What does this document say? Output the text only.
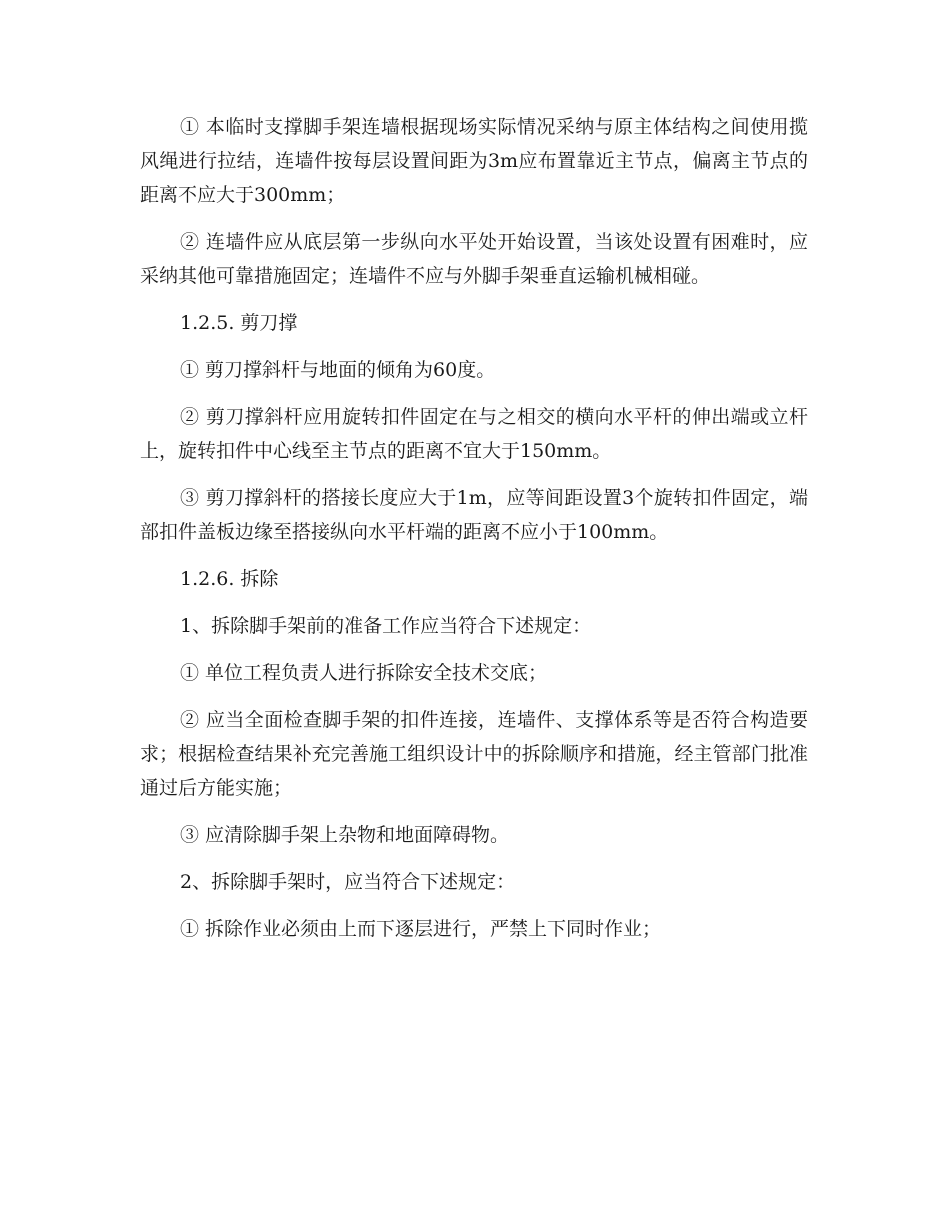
① 本临时支撑脚手架连墙根据现场实际情况采纳与原主体结构之间使用揽风绳进行拉结，连墙件按每层设置间距为3m应布置靠近主节点，偏离主节点的距离不应大于300mm；

② 连墙件应从底层第一步纵向水平处开始设置，当该处设置有困难时，应采纳其他可靠措施固定；连墙件不应与外脚手架垂直运输机械相碰。

1.2.5. 剪刀撑

① 剪刀撑斜杆与地面的倾角为60度。

② 剪刀撑斜杆应用旋转扣件固定在与之相交的横向水平杆的伸出端或立杆上，旋转扣件中心线至主节点的距离不宜大于150mm。

③ 剪刀撑斜杆的搭接长度应大于1m，应等间距设置3个旋转扣件固定，端部扣件盖板边缘至搭接纵向水平杆端的距离不应小于100mm。

1.2.6. 拆除

1、拆除脚手架前的准备工作应当符合下述规定：

① 单位工程负责人进行拆除安全技术交底；

② 应当全面检查脚手架的扣件连接，连墙件、支撑体系等是否符合构造要求；根据检查结果补充完善施工组织设计中的拆除顺序和措施，经主管部门批准通过后方能实施；

③ 应清除脚手架上杂物和地面障碍物。

2、拆除脚手架时，应当符合下述规定：

① 拆除作业必须由上而下逐层进行，严禁上下同时作业；
